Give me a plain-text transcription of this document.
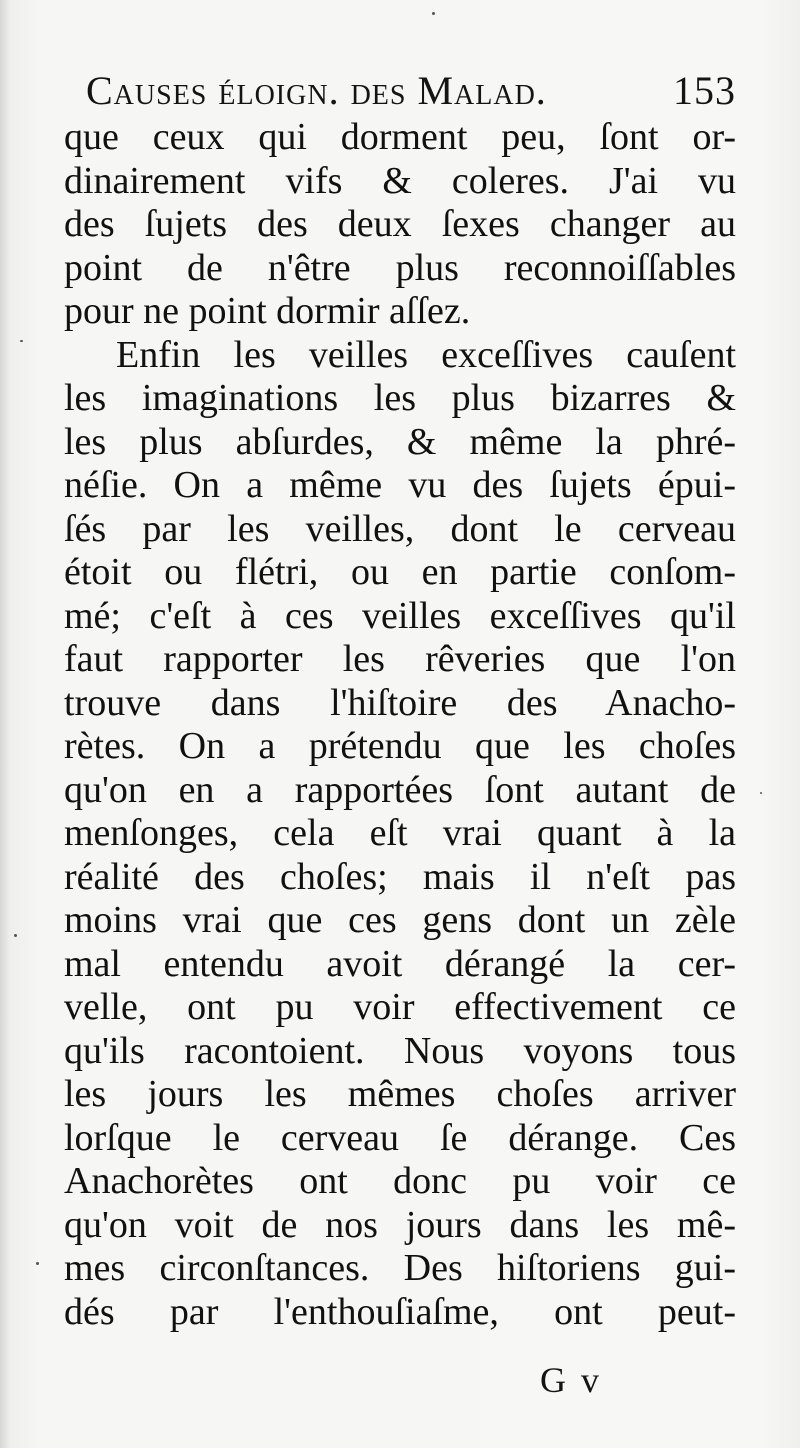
Causes éloign. des Malad.	153
que ceux qui dorment peu, ſont or-
dinairement vifs & coleres. J'ai vu
des ſujets des deux ſexes changer au
point de n'être plus reconnoiſſables
pour ne point dormir aſſez.
Enfin les veilles exceſſives cauſent
les imaginations les plus bizarres &
les plus abſurdes, & même la phré-
néſie. On a même vu des ſujets épui-
ſés par les veilles, dont le cerveau
étoit ou flétri, ou en partie conſom-
mé; c'eſt à ces veilles exceſſives qu'il
faut rapporter les rêveries que l'on
trouve dans l'hiſtoire des Anacho-
rètes. On a prétendu que les choſes
qu'on en a rapportées ſont autant de
menſonges, cela eſt vrai quant à la
réalité des choſes; mais il n'eſt pas
moins vrai que ces gens dont un zèle
mal entendu avoit dérangé la cer-
velle, ont pu voir effectivement ce
qu'ils racontoient. Nous voyons tous
les jours les mêmes choſes arriver
lorſque le cerveau ſe dérange. Ces
Anachorètes ont donc pu voir ce
qu'on voit de nos jours dans les mê-
mes circonſtances. Des hiſtoriens gui-
dés par l'enthouſiaſme, ont peut-
G v
